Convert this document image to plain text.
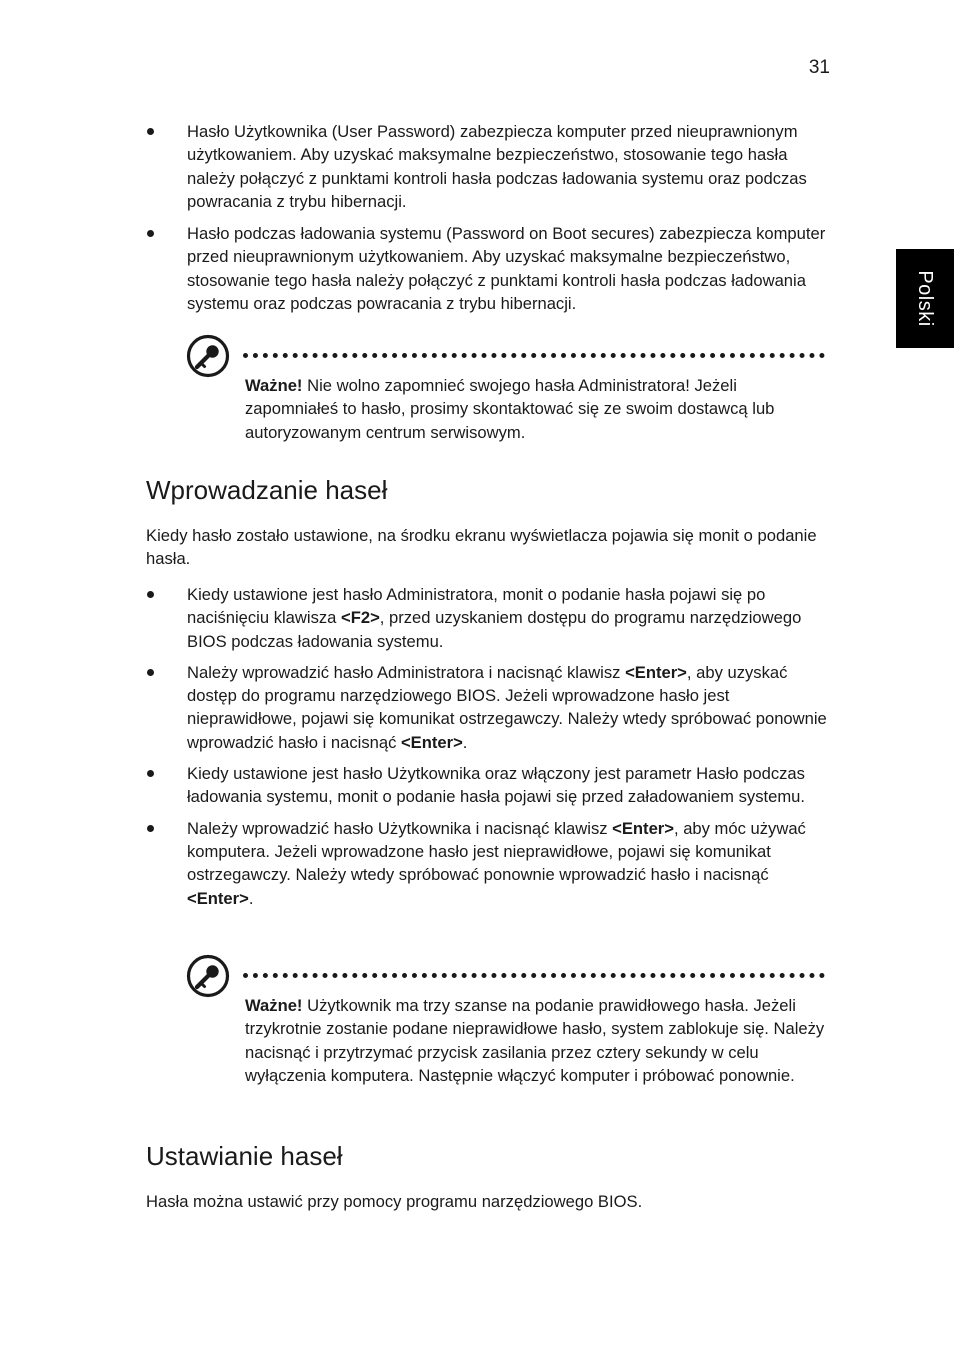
31
Polski
Hasło Użytkownika (User Password) zabezpiecza komputer przed nieuprawnionym użytkowaniem. Aby uzyskać maksymalne bezpieczeństwo, stosowanie tego hasła należy połączyć z punktami kontroli hasła podczas ładowania systemu oraz podczas powracania z trybu hibernacji.
Hasło podczas ładowania systemu (Password on Boot secures) zabezpiecza komputer przed nieuprawnionym użytkowaniem. Aby uzyskać maksymalne bezpieczeństwo, stosowanie tego hasła należy połączyć z punktami kontroli hasła podczas ładowania systemu oraz podczas powracania z trybu hibernacji.
Ważne! Nie wolno zapomnieć swojego hasła Administratora! Jeżeli zapomniałeś to hasło, prosimy skontaktować się ze swoim dostawcą lub autoryzowanym centrum serwisowym.
Wprowadzanie haseł

Kiedy hasło zostało ustawione, na środku ekranu wyświetlacza pojawia się monit o podanie hasła.

Kiedy ustawione jest hasło Administratora, monit o podanie hasła pojawi się po naciśnięciu klawisza <F2>, przed uzyskaniem dostępu do programu narzędziowego BIOS podczas ładowania systemu.
Należy wprowadzić hasło Administratora i nacisnąć klawisz <Enter>, aby uzyskać dostęp do programu narzędziowego BIOS. Jeżeli wprowadzone hasło jest nieprawidłowe, pojawi się komunikat ostrzegawczy. Należy wtedy spróbować ponownie wprowadzić hasło i nacisnąć <Enter>.
Kiedy ustawione jest hasło Użytkownika oraz włączony jest parametr Hasło podczas ładowania systemu, monit o podanie hasła pojawi się przed załadowaniem systemu.
Należy wprowadzić hasło Użytkownika i nacisnąć klawisz <Enter>, aby móc używać komputera. Jeżeli wprowadzone hasło jest nieprawidłowe, pojawi się komunikat ostrzegawczy. Należy wtedy spróbować ponownie wprowadzić hasło i nacisnąć <Enter>.
Ważne! Użytkownik ma trzy szanse na podanie prawidłowego hasła. Jeżeli trzykrotnie zostanie podane nieprawidłowe hasło, system zablokuje się. Należy nacisnąć i przytrzymać przycisk zasilania przez cztery sekundy w celu wyłączenia komputera. Następnie włączyć komputer i próbować ponownie.
Ustawianie haseł

Hasła można ustawić przy pomocy programu narzędziowego BIOS.
